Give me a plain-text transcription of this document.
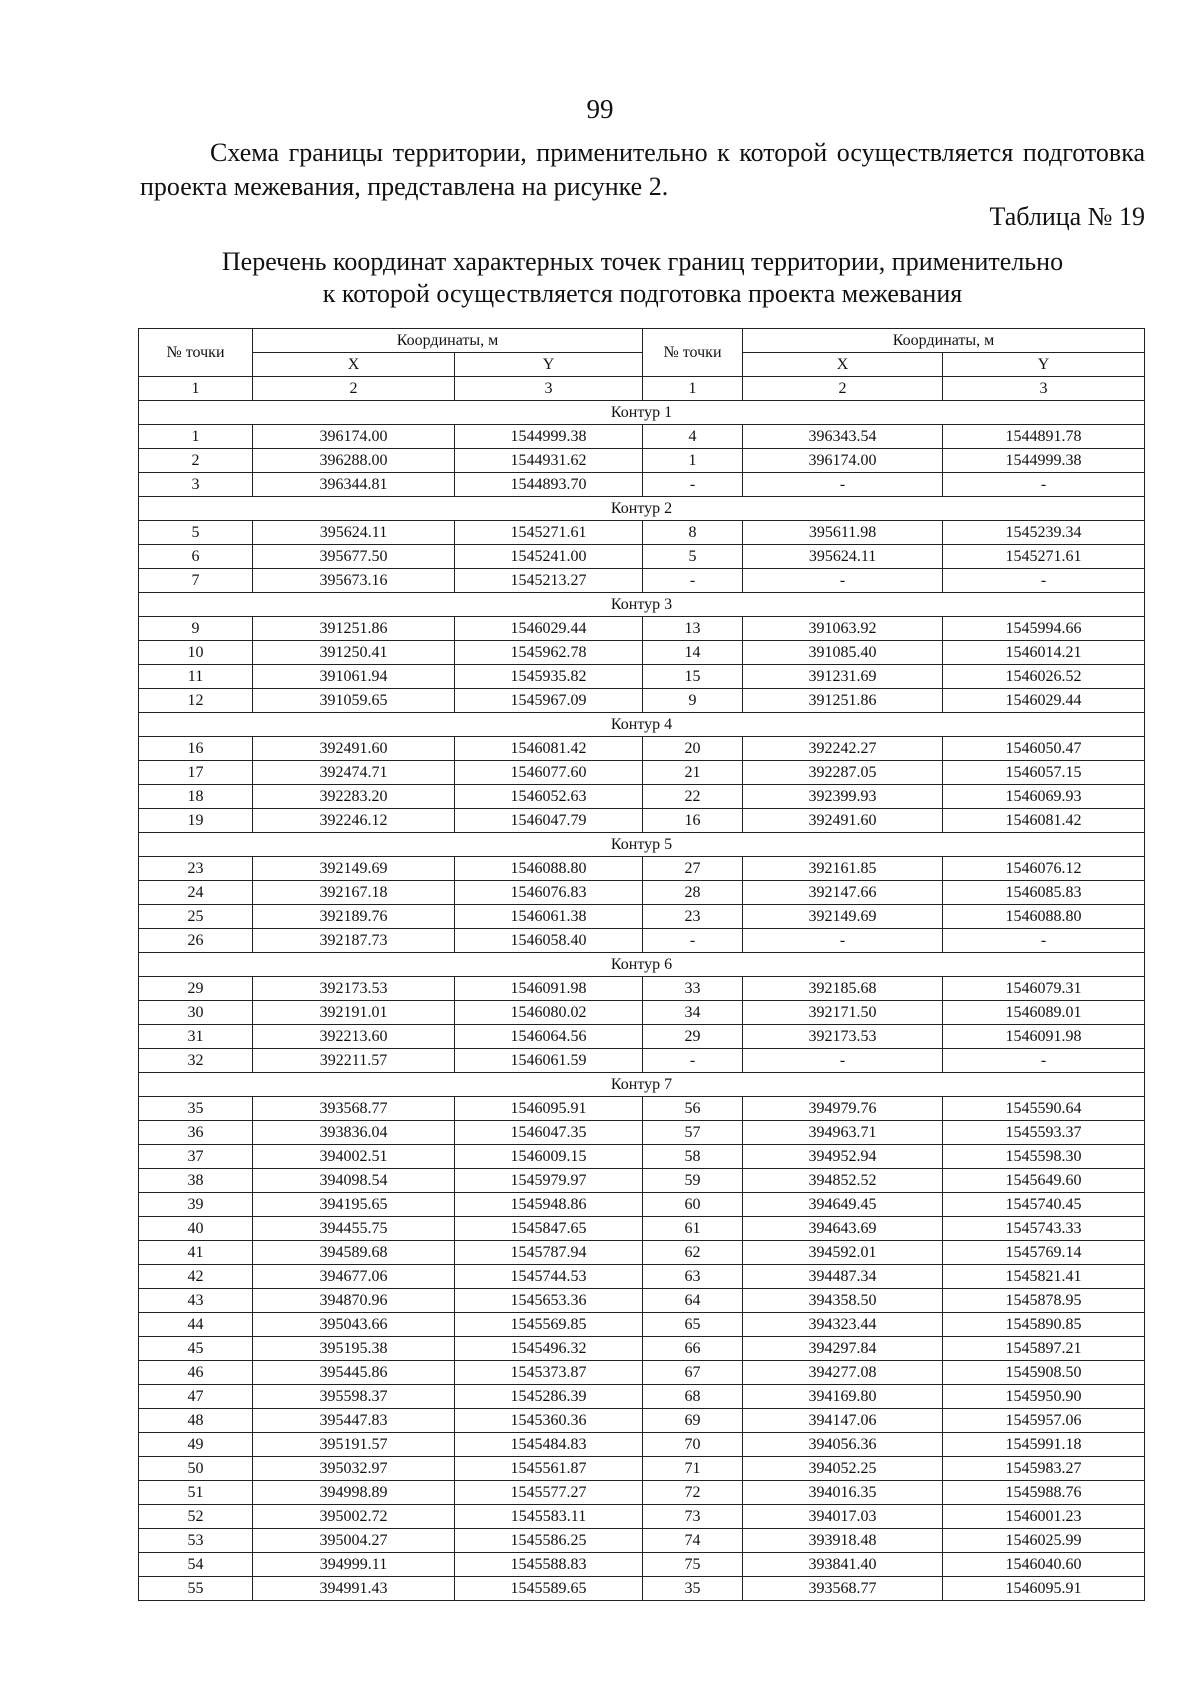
99
Схема границы территории, применительно к которой осуществляется подготовка проекта межевания, представлена на рисунке 2.
Таблица № 19
Перечень координат характерных точек границ территории, применительно
к которой осуществляется подготовка проекта межевания
№ точки	Координаты, м		№ точки	Координаты, м	
	X	Y		X	Y
1	2	3	1	2	3
Контур 1					
1	396174.00	1544999.38	4	396343.54	1544891.78
2	396288.00	1544931.62	1	396174.00	1544999.38
3	396344.81	1544893.70	-	-	-
Контур 2					
5	395624.11	1545271.61	8	395611.98	1545239.34
6	395677.50	1545241.00	5	395624.11	1545271.61
7	395673.16	1545213.27	-	-	-
Контур 3					
9	391251.86	1546029.44	13	391063.92	1545994.66
10	391250.41	1545962.78	14	391085.40	1546014.21
11	391061.94	1545935.82	15	391231.69	1546026.52
12	391059.65	1545967.09	9	391251.86	1546029.44
Контур 4					
16	392491.60	1546081.42	20	392242.27	1546050.47
17	392474.71	1546077.60	21	392287.05	1546057.15
18	392283.20	1546052.63	22	392399.93	1546069.93
19	392246.12	1546047.79	16	392491.60	1546081.42
Контур 5					
23	392149.69	1546088.80	27	392161.85	1546076.12
24	392167.18	1546076.83	28	392147.66	1546085.83
25	392189.76	1546061.38	23	392149.69	1546088.80
26	392187.73	1546058.40	-	-	-
Контур 6					
29	392173.53	1546091.98	33	392185.68	1546079.31
30	392191.01	1546080.02	34	392171.50	1546089.01
31	392213.60	1546064.56	29	392173.53	1546091.98
32	392211.57	1546061.59	-	-	-
Контур 7					
35	393568.77	1546095.91	56	394979.76	1545590.64
36	393836.04	1546047.35	57	394963.71	1545593.37
37	394002.51	1546009.15	58	394952.94	1545598.30
38	394098.54	1545979.97	59	394852.52	1545649.60
39	394195.65	1545948.86	60	394649.45	1545740.45
40	394455.75	1545847.65	61	394643.69	1545743.33
41	394589.68	1545787.94	62	394592.01	1545769.14
42	394677.06	1545744.53	63	394487.34	1545821.41
43	394870.96	1545653.36	64	394358.50	1545878.95
44	395043.66	1545569.85	65	394323.44	1545890.85
45	395195.38	1545496.32	66	394297.84	1545897.21
46	395445.86	1545373.87	67	394277.08	1545908.50
47	395598.37	1545286.39	68	394169.80	1545950.90
48	395447.83	1545360.36	69	394147.06	1545957.06
49	395191.57	1545484.83	70	394056.36	1545991.18
50	395032.97	1545561.87	71	394052.25	1545983.27
51	394998.89	1545577.27	72	394016.35	1545988.76
52	395002.72	1545583.11	73	394017.03	1546001.23
53	395004.27	1545586.25	74	393918.48	1546025.99
54	394999.11	1545588.83	75	393841.40	1546040.60
55	394991.43	1545589.65	35	393568.77	1546095.91
